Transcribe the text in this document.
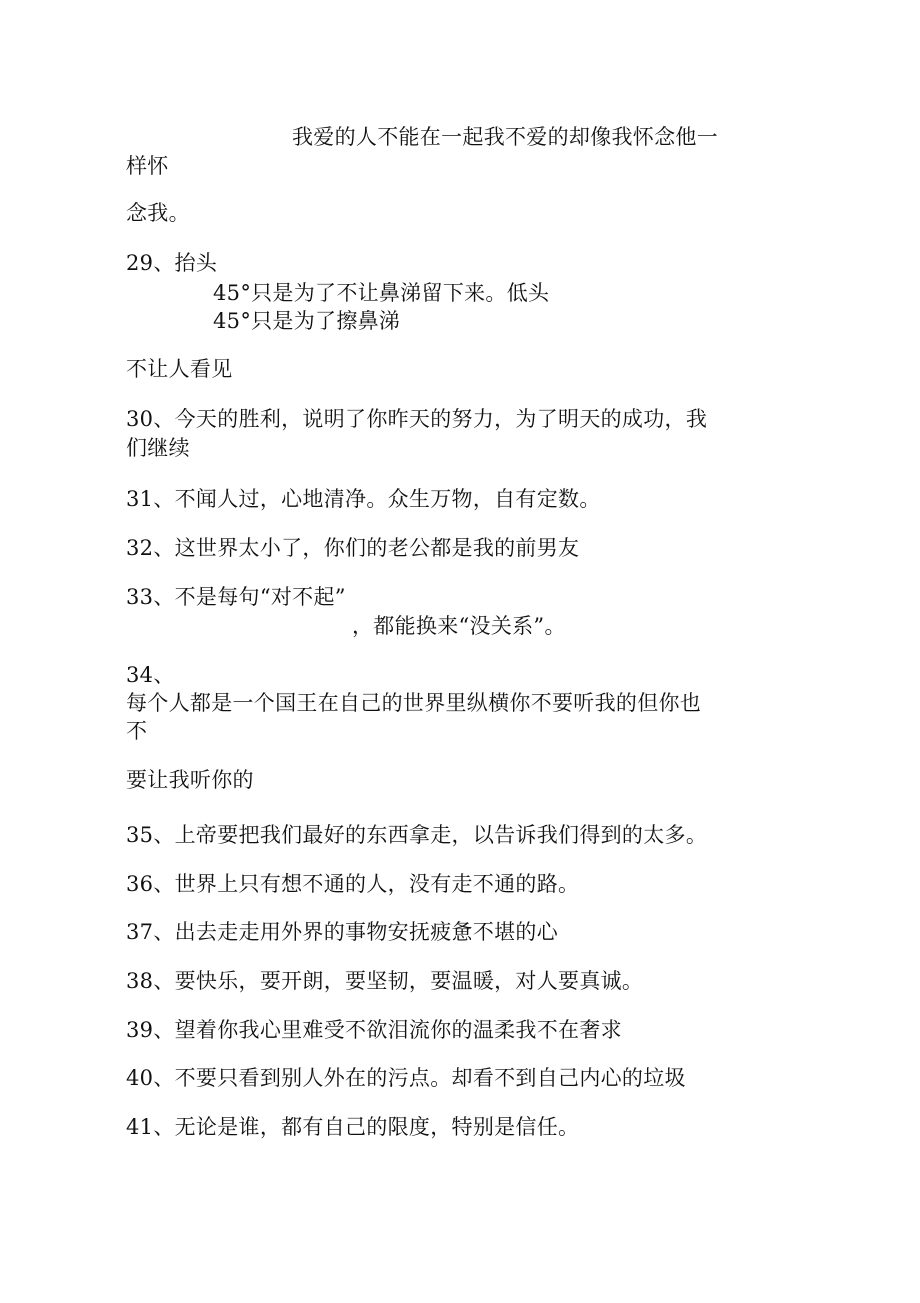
我爱的人不能在一起我不爱的却像我怀念他一
样怀
念我。
29、抬头
45°只是为了不让鼻涕留下来。低头
45°只是为了擦鼻涕
不让人看见
30、今天的胜利，说明了你昨天的努力，为了明天的成功，我
们继续
31、不闻人过，心地清净。众生万物，自有定数。
32、这世界太小了，你们的老公都是我的前男友
33、不是每句“对不起”
，都能换来“没关系”。
34、
每个人都是一个国王在自己的世界里纵横你不要听我的但你也
不
要让我听你的
35、上帝要把我们最好的东西拿走，以告诉我们得到的太多。
36、世界上只有想不通的人，没有走不通的路。
37、出去走走用外界的事物安抚疲惫不堪的心
38、要快乐，要开朗，要坚韧，要温暖，对人要真诚。
39、望着你我心里难受不欲泪流你的温柔我不在奢求
40、不要只看到别人外在的污点。却看不到自己内心的垃圾
41、无论是谁，都有自己的限度，特别是信任。
